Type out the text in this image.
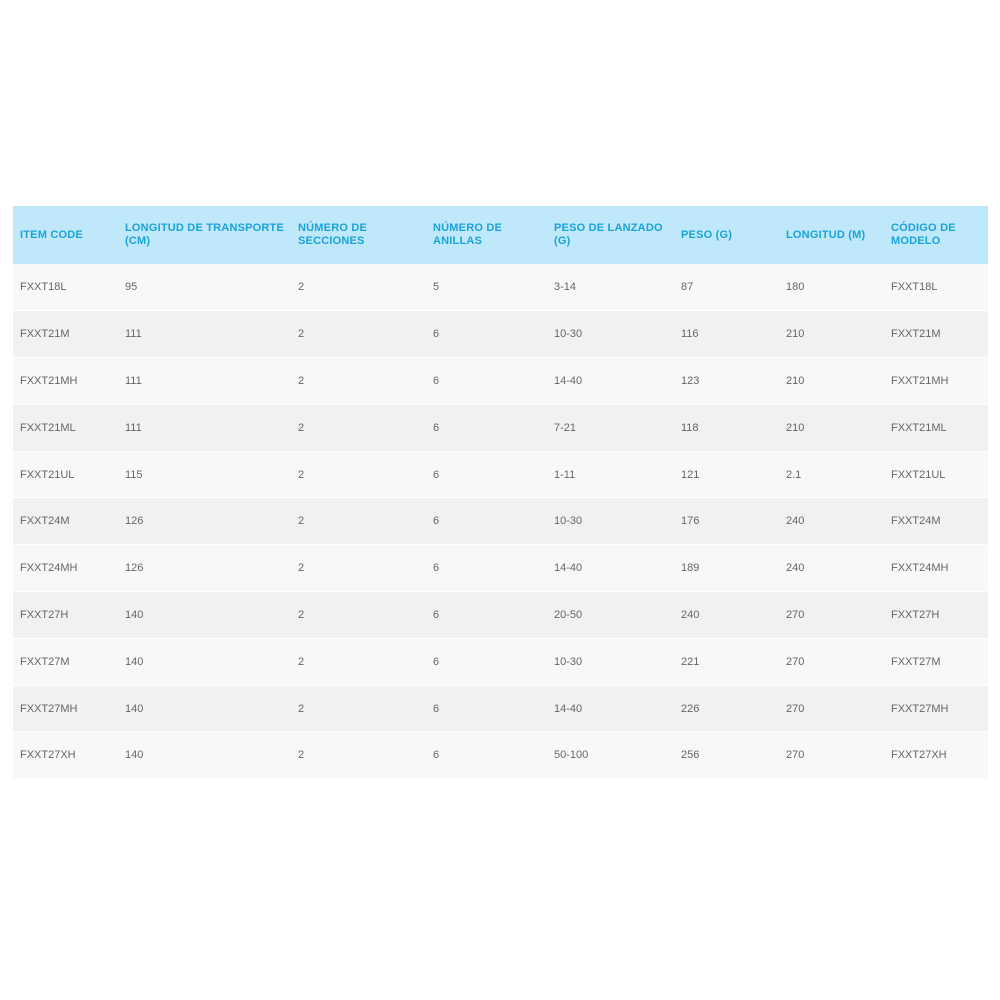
ITEM CODE	LONGITUD DE TRANSPORTE (CM)	NÚMERO DE SECCIONES	NÚMERO DE ANILLAS	PESO DE LANZADO (G)	PESO (G)	LONGITUD (M)	CÓDIGO DE MODELO
FXXT18L	95	2	5	3-14	87	180	FXXT18L
FXXT21M	111	2	6	10-30	116	210	FXXT21M
FXXT21MH	111	2	6	14-40	123	210	FXXT21MH
FXXT21ML	111	2	6	7-21	118	210	FXXT21ML
FXXT21UL	115	2	6	1-11	121	2.1	FXXT21UL
FXXT24M	126	2	6	10-30	176	240	FXXT24M
FXXT24MH	126	2	6	14-40	189	240	FXXT24MH
FXXT27H	140	2	6	20-50	240	270	FXXT27H
FXXT27M	140	2	6	10-30	221	270	FXXT27M
FXXT27MH	140	2	6	14-40	226	270	FXXT27MH
FXXT27XH	140	2	6	50-100	256	270	FXXT27XH
